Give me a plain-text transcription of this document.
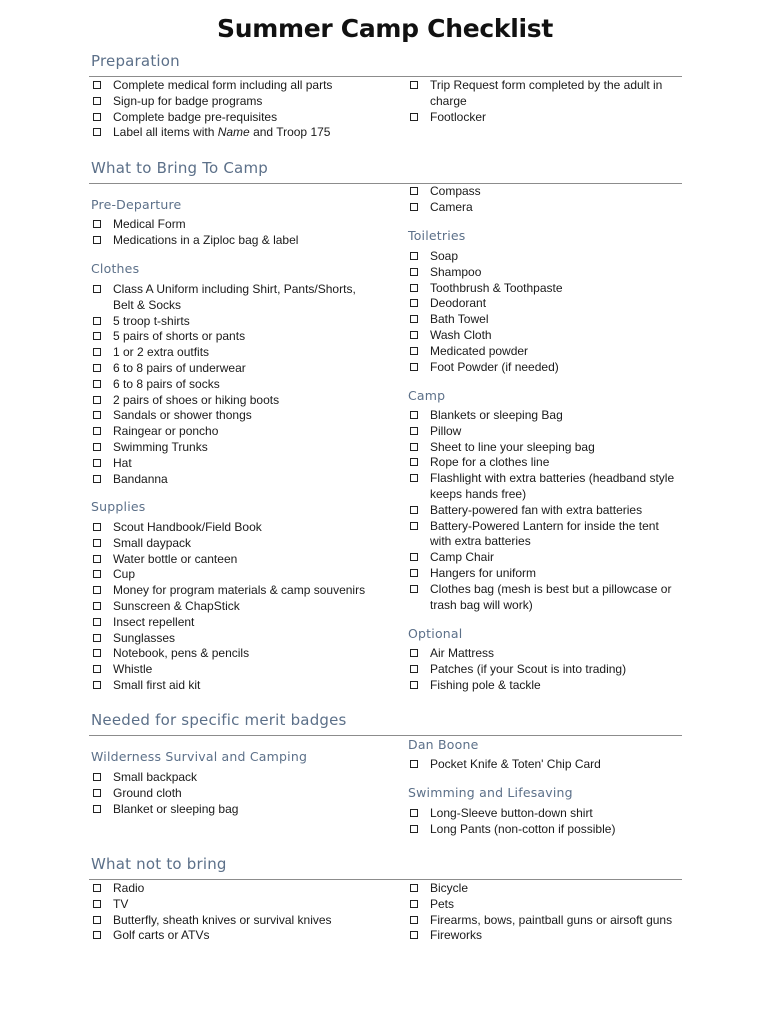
Summer Camp Checklist
Preparation
Complete medical form including all parts
Sign-up for badge programs
Complete badge pre-requisites
Label all items with Name and Troop 175
Trip Request form completed by the adult in charge
Footlocker
What to Bring To Camp
Pre-Departure
Medical Form
Medications in a Ziploc bag & label
Clothes
Class A Uniform including Shirt, Pants/Shorts, Belt & Socks
5 troop t-shirts
5 pairs of shorts or pants
1 or 2 extra outfits
6 to 8 pairs of underwear
6 to 8 pairs of socks
2 pairs of shoes or hiking boots
Sandals or shower thongs
Raingear or poncho
Swimming Trunks
Hat
Bandanna
Supplies
Scout Handbook/Field Book
Small daypack
Water bottle or canteen
Cup
Money for program materials & camp souvenirs
Sunscreen & ChapStick
Insect repellent
Sunglasses
Notebook, pens & pencils
Whistle
Small first aid kit
Compass
Camera
Toiletries
Soap
Shampoo
Toothbrush & Toothpaste
Deodorant
Bath Towel
Wash Cloth
Medicated powder
Foot Powder (if needed)
Camp
Blankets or sleeping Bag
Pillow
Sheet to line your sleeping bag
Rope for a clothes line
Flashlight with extra batteries (headband style keeps hands free)
Battery-powered fan with extra batteries
Battery-Powered Lantern for inside the tent with extra batteries
Camp Chair
Hangers for uniform
Clothes bag (mesh is best but a pillowcase or trash bag will work)
Optional
Air Mattress
Patches (if your Scout is into trading)
Fishing pole & tackle
Needed for specific merit badges
Wilderness Survival and Camping
Small backpack
Ground cloth
Blanket or sleeping bag
Dan Boone
Pocket Knife & Toten' Chip Card
Swimming and Lifesaving
Long-Sleeve button-down shirt
Long Pants (non-cotton if possible)
What not to bring
Radio
TV
Butterfly, sheath knives or survival knives
Golf carts or ATVs
Bicycle
Pets
Firearms, bows, paintball guns or airsoft guns
Fireworks
